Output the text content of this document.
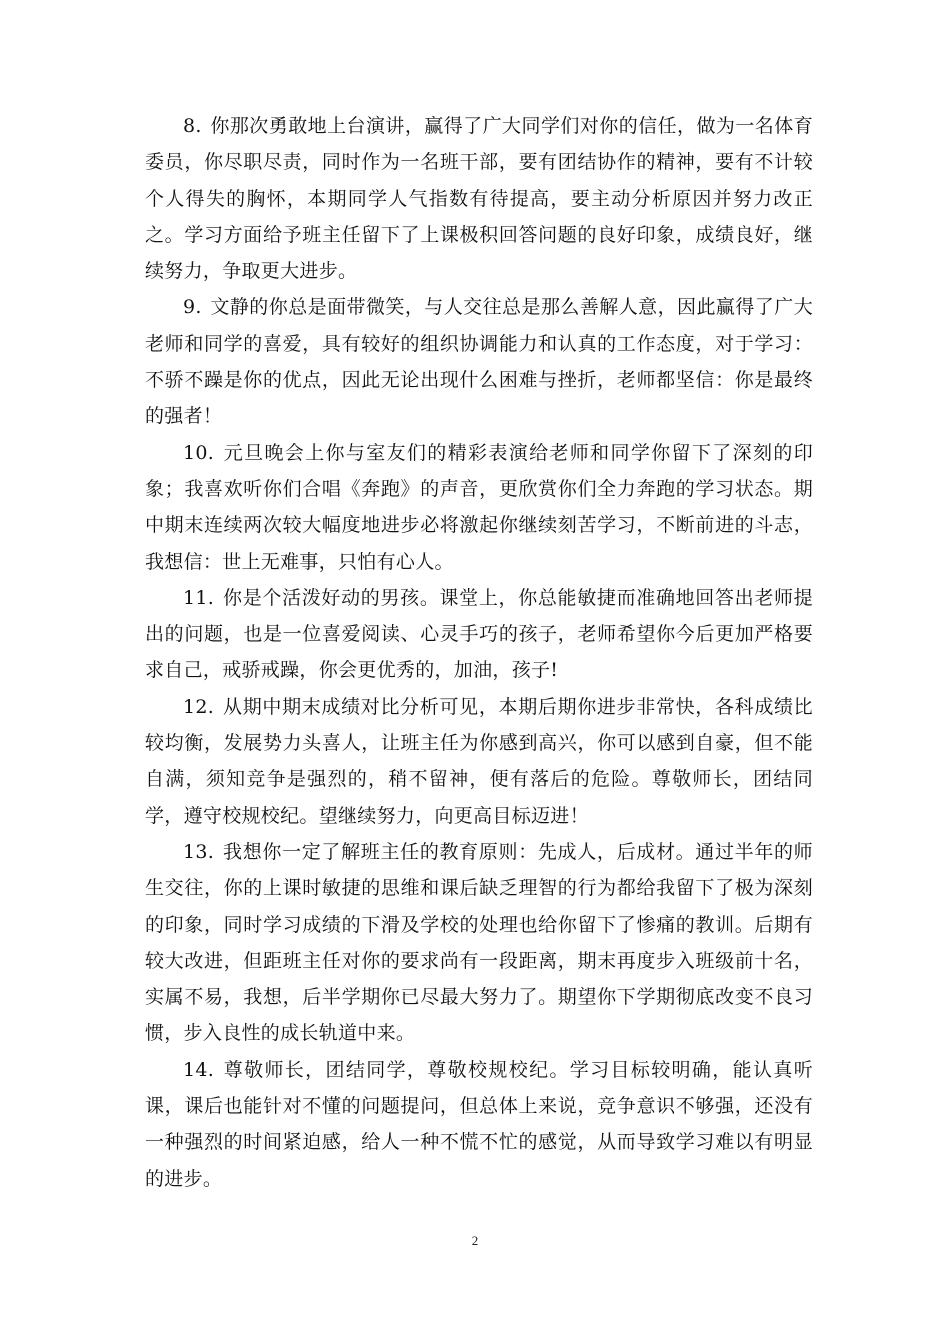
8. 你那次勇敢地上台演讲，赢得了广大同学们对你的信任，做为一名体育委员，你尽职尽责，同时作为一名班干部，要有团结协作的精神，要有不计较个人得失的胸怀，本期同学人气指数有待提高，要主动分析原因并努力改正之。学习方面给予班主任留下了上课极积回答问题的良好印象，成绩良好，继续努力，争取更大进步。

9. 文静的你总是面带微笑，与人交往总是那么善解人意，因此赢得了广大老师和同学的喜爱，具有较好的组织协调能力和认真的工作态度，对于学习：不骄不躁是你的优点，因此无论出现什么困难与挫折，老师都坚信：你是最终的强者！

10. 元旦晚会上你与室友们的精彩表演给老师和同学你留下了深刻的印象；我喜欢听你们合唱《奔跑》的声音，更欣赏你们全力奔跑的学习状态。期中期末连续两次较大幅度地进步必将激起你继续刻苦学习，不断前进的斗志，我想信：世上无难事，只怕有心人。

11. 你是个活泼好动的男孩。课堂上，你总能敏捷而准确地回答出老师提出的问题，也是一位喜爱阅读、心灵手巧的孩子，老师希望你今后更加严格要求自己，戒骄戒躁，你会更优秀的，加油，孩子!

12. 从期中期末成绩对比分析可见，本期后期你进步非常快，各科成绩比较均衡，发展势力头喜人，让班主任为你感到高兴，你可以感到自豪，但不能自满，须知竞争是强烈的，稍不留神，便有落后的危险。尊敬师长，团结同学，遵守校规校纪。望继续努力，向更高目标迈进！

13. 我想你一定了解班主任的教育原则：先成人，后成材。通过半年的师生交往，你的上课时敏捷的思维和课后缺乏理智的行为都给我留下了极为深刻的印象，同时学习成绩的下滑及学校的处理也给你留下了惨痛的教训。后期有较大改进，但距班主任对你的要求尚有一段距离，期末再度步入班级前十名，实属不易，我想，后半学期你已尽最大努力了。期望你下学期彻底改变不良习惯，步入良性的成长轨道中来。

14. 尊敬师长，团结同学，尊敬校规校纪。学习目标较明确，能认真听课，课后也能针对不懂的问题提问，但总体上来说，竞争意识不够强，还没有一种强烈的时间紧迫感，给人一种不慌不忙的感觉，从而导致学习难以有明显的进步。

2
